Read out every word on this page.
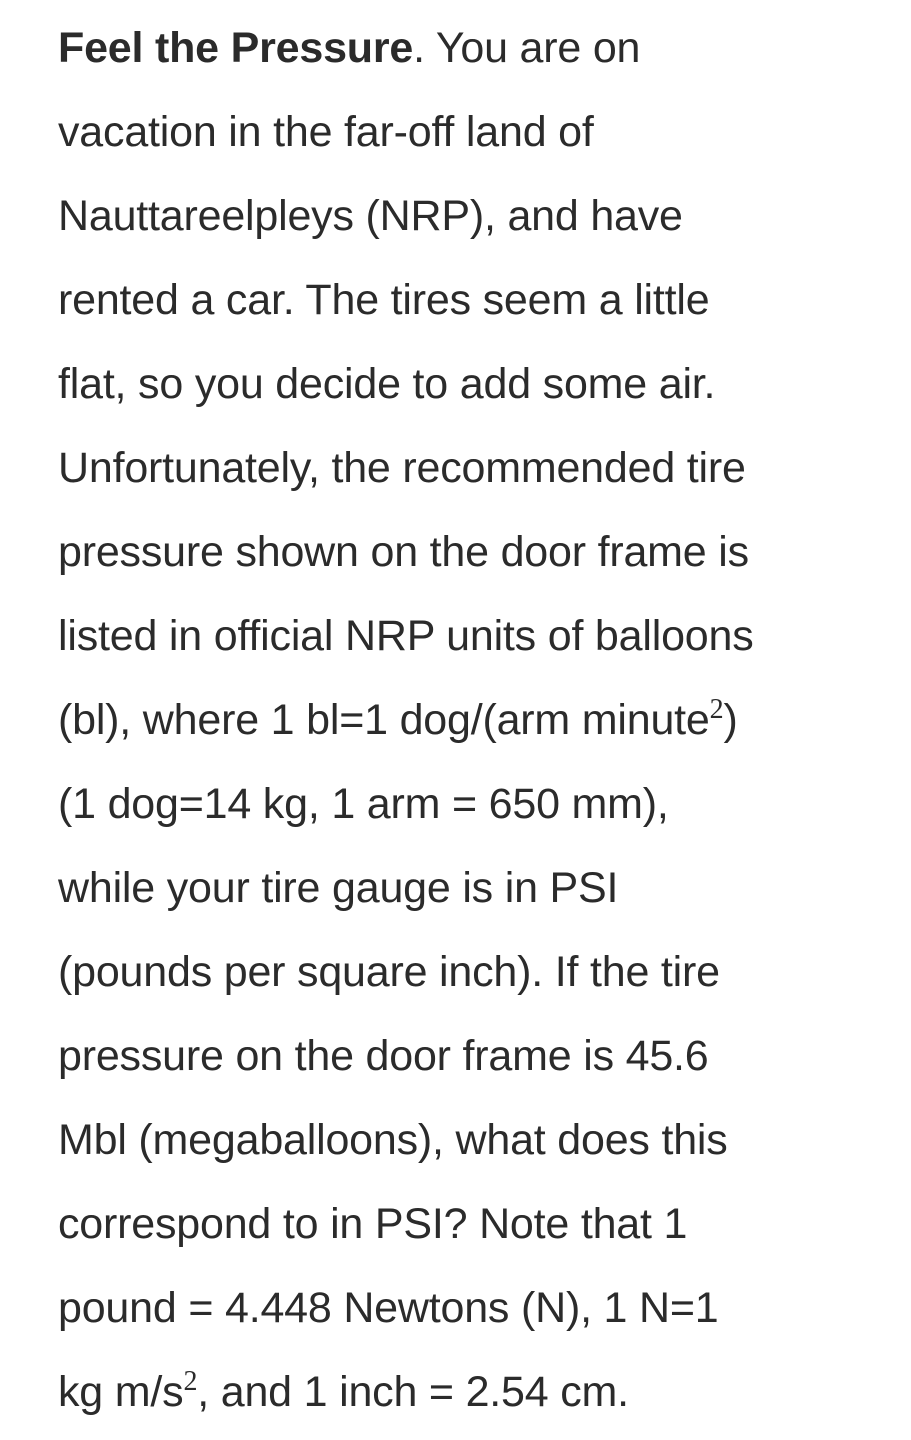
Feel the Pressure. You are on
vacation in the far-off land of
Nauttareelpleys (NRP), and have
rented a car. The tires seem a little
flat, so you decide to add some air.
Unfortunately, the recommended tire
pressure shown on the door frame is
listed in official NRP units of balloons
(bl), where 1 bl=1 dog/(arm minute$^2$)
(1 dog=14 kg, 1 arm = 650 mm),
while your tire gauge is in PSI
(pounds per square inch). If the tire
pressure on the door frame is 45.6
Mbl (megaballoons), what does this
correspond to in PSI? Note that 1
pound = 4.448 Newtons (N), 1 N=1
kg $m/s^2$, and 1 inch = 2.54 cm.
